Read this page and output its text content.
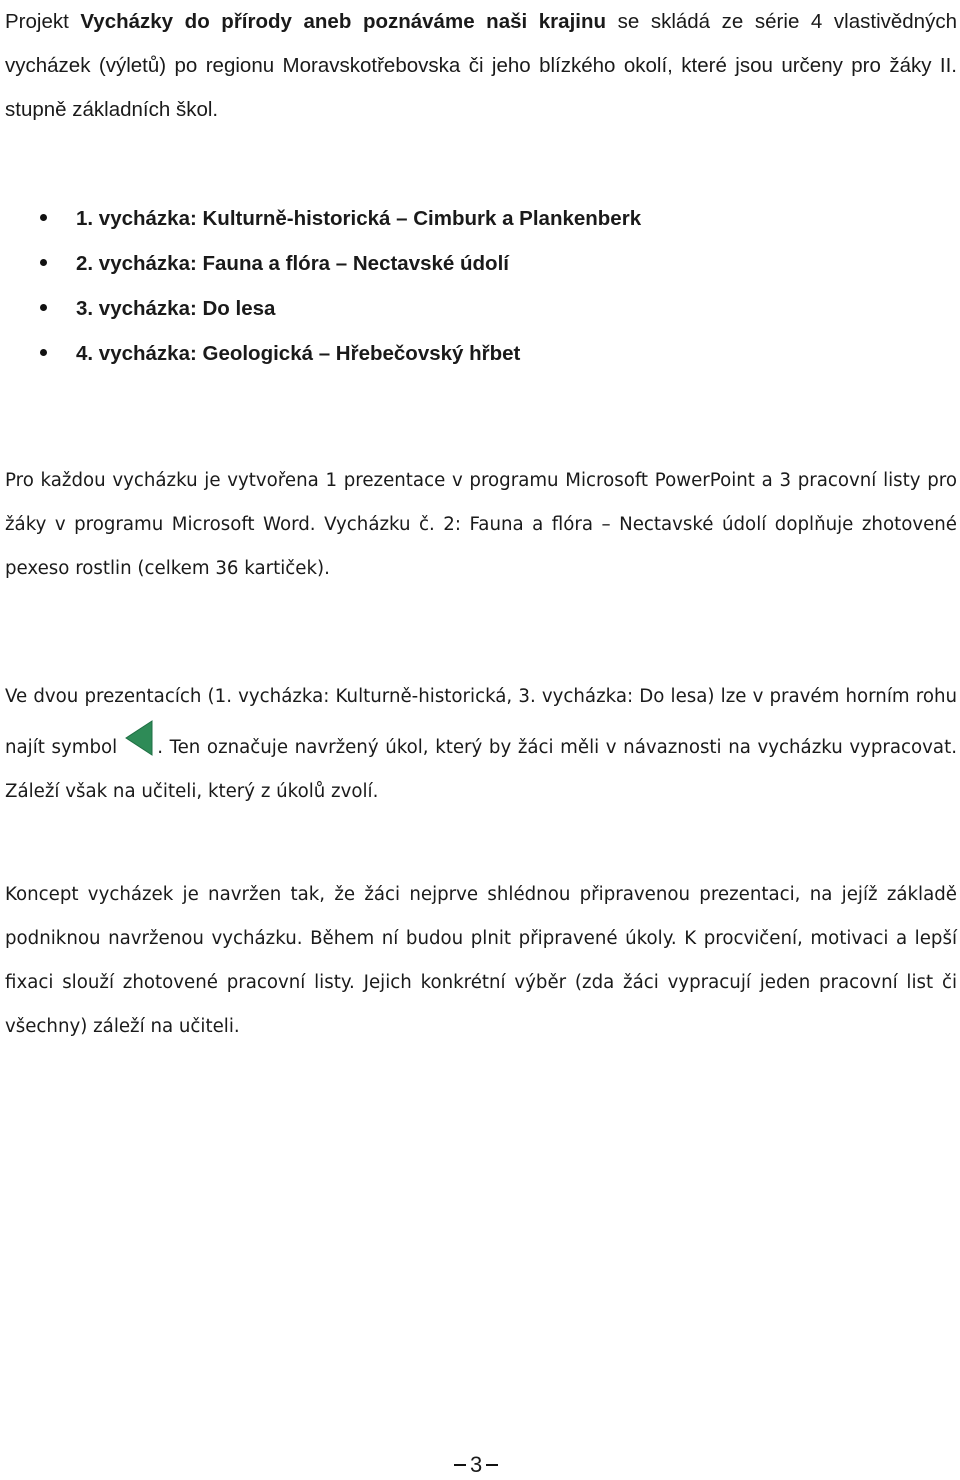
Projekt Vycházky do přírody aneb poznáváme naši krajinu se skládá ze série 4 vlastivědných vycházek (výletů) po regionu Moravskotřebovska či jeho blízkého okolí, které jsou určeny pro žáky II. stupně základních škol.
1. vycházka: Kulturně-historická – Cimburk a Plankenberk
2. vycházka: Fauna a flóra – Nectavské údolí
3. vycházka: Do lesa
4. vycházka: Geologická – Hřebečovský hřbet
Pro každou vycházku je vytvořena 1 prezentace v programu Microsoft PowerPoint a 3 pracovní listy pro žáky v programu Microsoft Word. Vycházku č. 2: Fauna a flóra – Nectavské údolí doplňuje zhotovené pexeso rostlin (celkem 36 kartiček).
Ve dvou prezentacích (1. vycházka: Kulturně-historická, 3. vycházka: Do lesa) lze v pravém horním rohu najít symbol . Ten označuje navržený úkol, který by žáci měli v návaznosti na vycházku vypracovat. Záleží však na učiteli, který z úkolů zvolí.
Koncept vycházek je navržen tak, že žáci nejprve shlédnou připravenou prezentaci, na jejíž základě podniknou navrženou vycházku. Během ní budou plnit připravené úkoly. K procvičení, motivaci a lepší fixaci slouží zhotovené pracovní listy. Jejich konkrétní výběr (zda žáci vypracují jeden pracovní list či všechny) záleží na učiteli.
3
